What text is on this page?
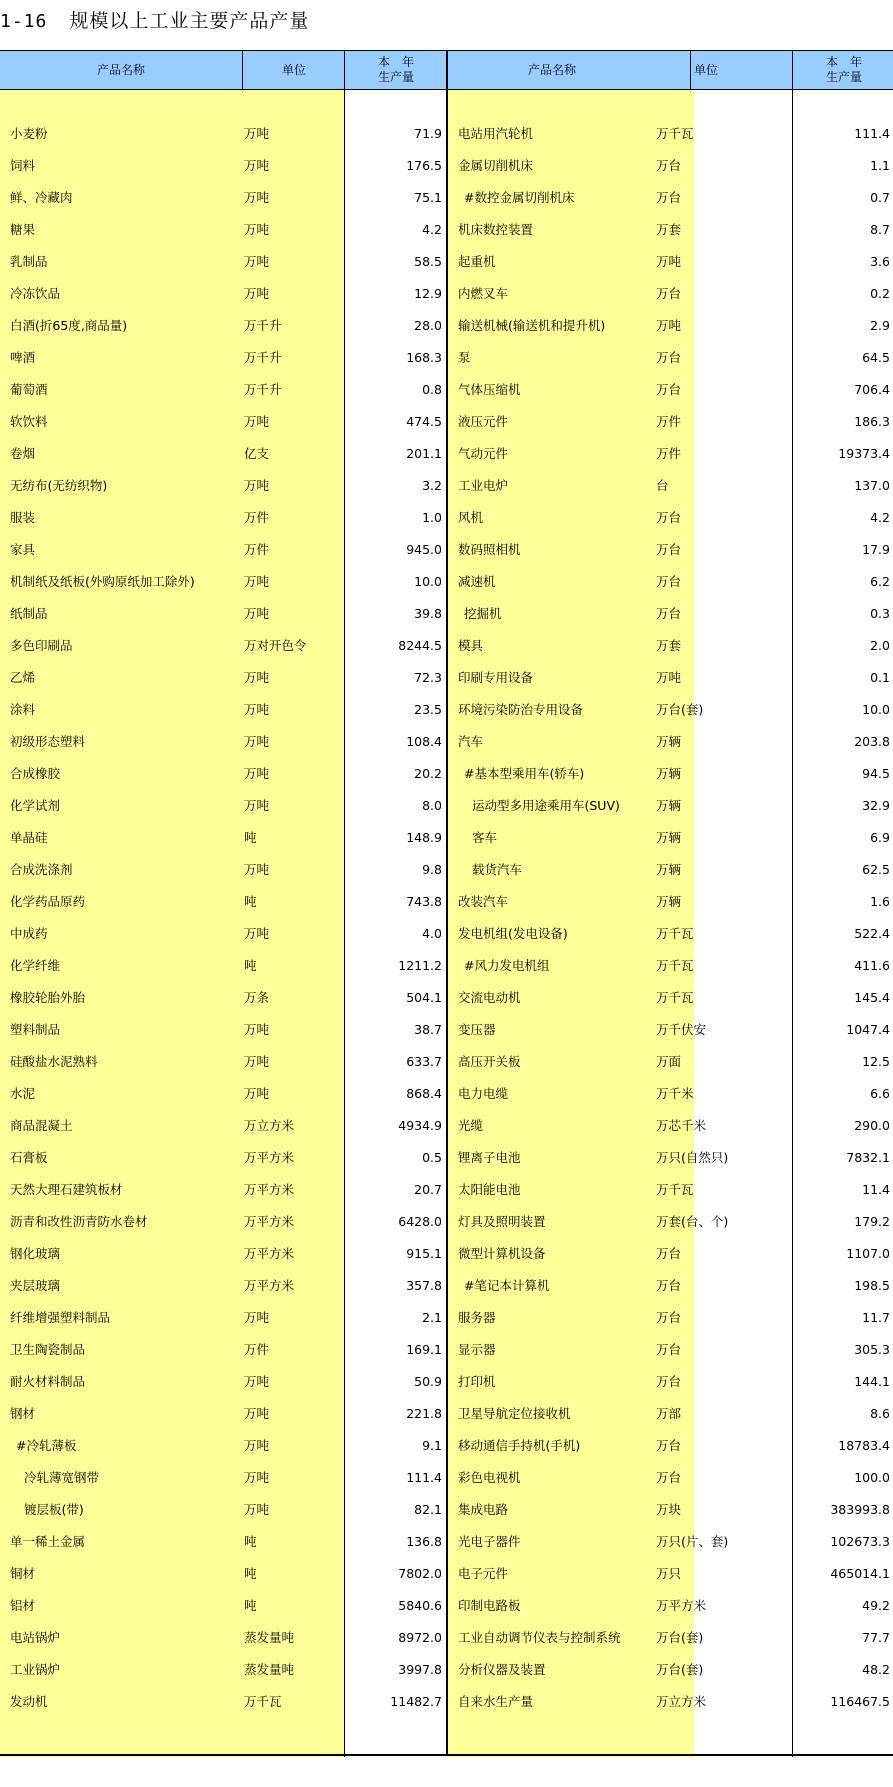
1-16 规模以上工业主要产品产量
产品名称	单位
本　年
生产量
小麦粉	万吨	71.9
饲料	万吨	176.5
鲜、冷藏肉	万吨	75.1
糖果	万吨	4.2
乳制品	万吨	58.5
冷冻饮品	万吨	12.9
白酒(折65度,商品量)	万千升	28.0
啤酒	万千升	168.3
葡萄酒	万千升	0.8
软饮料	万吨	474.5
卷烟	亿支	201.1
无纺布(无纺织物)	万吨	3.2
服装	万件	1.0
家具	万件	945.0
机制纸及纸板(外购原纸加工除外)	万吨	10.0
纸制品	万吨	39.8
多色印刷品	万对开色令	8244.5
乙烯	万吨	72.3
涂料	万吨	23.5
初级形态塑料	万吨	108.4
合成橡胶	万吨	20.2
化学试剂	万吨	8.0
单晶硅	吨	148.9
合成洗涤剂	万吨	9.8
化学药品原药	吨	743.8
中成药	万吨	4.0
化学纤维	吨	1211.2
橡胶轮胎外胎	万条	504.1
塑料制品	万吨	38.7
硅酸盐水泥熟料	万吨	633.7
水泥	万吨	868.4
商品混凝土	万立方米	4934.9
石膏板	万平方米	0.5
天然大理石建筑板材	万平方米	20.7
沥青和改性沥青防水卷材	万平方米	6428.0
钢化玻璃	万平方米	915.1
夹层玻璃	万平方米	357.8
纤维增强塑料制品	万吨	2.1
卫生陶瓷制品	万件	169.1
耐火材料制品	万吨	50.9
钢材	万吨	221.8
#冷轧薄板	万吨	9.1
冷轧薄宽钢带	万吨	111.4
镀层板(带)	万吨	82.1
单一稀土金属	吨	136.8
铜材	吨	7802.0
铝材	吨	5840.6
电站锅炉	蒸发量吨	8972.0
工业锅炉	蒸发量吨	3997.8
发动机	万千瓦	11482.7
产品名称	单位
本　年
生产量
电站用汽轮机	万千瓦	111.4
金属切削机床	万台	1.1
#数控金属切削机床	万台	0.7
机床数控装置	万套	8.7
起重机	万吨	3.6
内燃叉车	万台	0.2
输送机械(输送机和提升机)	万吨	2.9
泵	万台	64.5
气体压缩机	万台	706.4
液压元件	万件	186.3
气动元件	万件	19373.4
工业电炉	台	137.0
风机	万台	4.2
数码照相机	万台	17.9
减速机	万台	6.2
挖掘机	万台	0.3
模具	万套	2.0
印刷专用设备	万吨	0.1
环境污染防治专用设备	万台(套)	10.0
汽车	万辆	203.8
#基本型乘用车(轿车)	万辆	94.5
运动型多用途乘用车(SUV)	万辆	32.9
客车	万辆	6.9
载货汽车	万辆	62.5
改装汽车	万辆	1.6
发电机组(发电设备)	万千瓦	522.4
#风力发电机组	万千瓦	411.6
交流电动机	万千瓦	145.4
变压器	万千伏安	1047.4
高压开关板	万面	12.5
电力电缆	万千米	6.6
光缆	万芯千米	290.0
锂离子电池	万只(自然只)	7832.1
太阳能电池	万千瓦	11.4
灯具及照明装置	万套(台、个)	179.2
微型计算机设备	万台	1107.0
#笔记本计算机	万台	198.5
服务器	万台	11.7
显示器	万台	305.3
打印机	万台	144.1
卫星导航定位接收机	万部	8.6
移动通信手持机(手机)	万台	18783.4
彩色电视机	万台	100.0
集成电路	万块	383993.8
光电子器件	万只(片、套)	102673.3
电子元件	万只	465014.1
印制电路板	万平方米	49.2
工业自动调节仪表与控制系统	万台(套)	77.7
分析仪器及装置	万台(套)	48.2
自来水生产量	万立方米	116467.5
